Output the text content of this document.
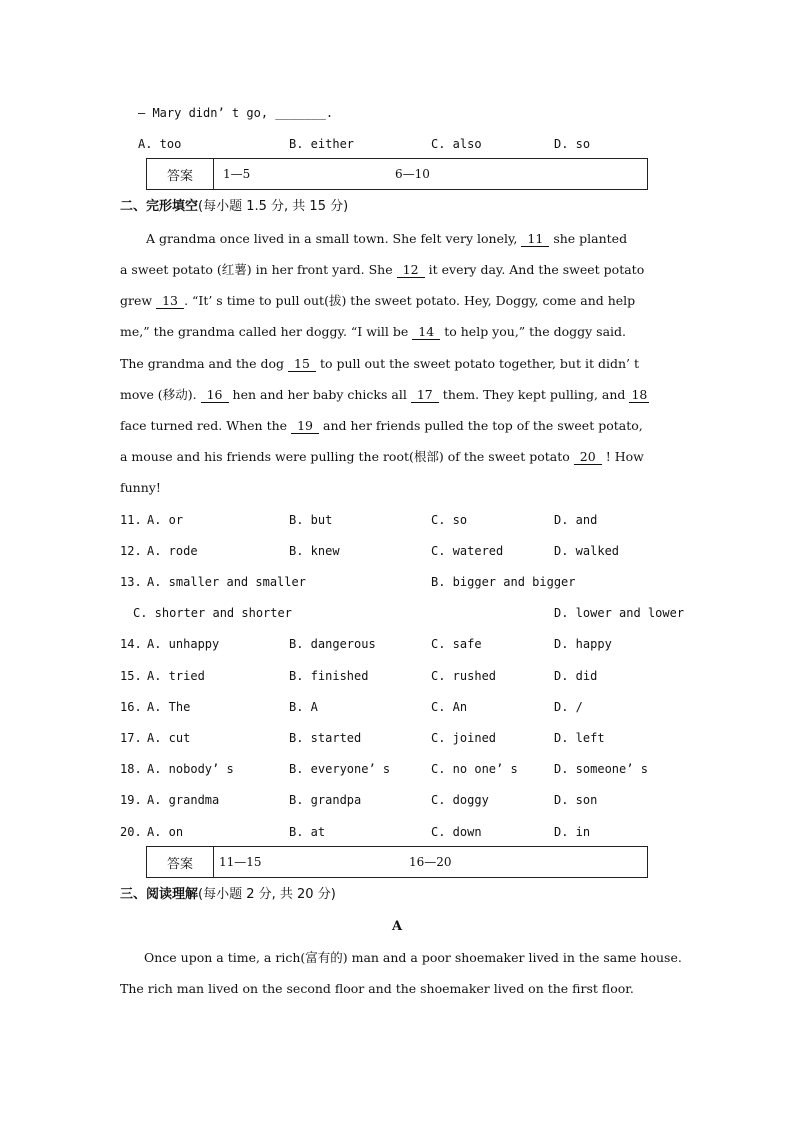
— Mary didn’ t go, _______.
A. too	B. either	C. also	D. so
答案	1—5	6—10
二、完形填空(每小题 1.5 分, 共 15 分)
A grandma once lived in a small town. She felt very lonely, 11 she planted
a sweet potato (红薯) in her front yard. She 12 it every day. And the sweet potato
grew 13 . “It’ s time to pull out(拔) the sweet potato. Hey, Doggy, come and help
me,” the grandma called her doggy. “I will be 14 to help you,” the doggy said.
The grandma and the dog 15 to pull out the sweet potato together, but it didn’ t
move (移动). 16 hen and her baby chicks all 17 them. They kept pulling, and 18
face turned red. When the 19 and her friends pulled the top of the sweet potato,
a mouse and his friends were pulling the root(根部) of the sweet potato 20 ! How
funny!
11. A. or	B. but	C. so	D. and
12. A. rode	B. knew	C. watered	D. walked
13. A. smaller and smaller	B. bigger and bigger
C. shorter and shorter	D. lower and lower
14. A. unhappy	B. dangerous	C. safe	D. happy
15. A. tried	B. finished	C. rushed	D. did
16. A. The	B. A	C. An	D. /
17. A. cut	B. started	C. joined	D. left
18. A. nobody’ s	B. everyone’ s	C. no one’ s	D. someone’ s
19. A. grandma	B. grandpa	C. doggy	D. son
20. A. on	B. at	C. down	D. in
答案	11—15	16—20
三、阅读理解(每小题 2 分, 共 20 分)
A
Once upon a time, a rich(富有的) man and a poor shoemaker lived in the same house.
The rich man lived on the second floor and the shoemaker lived on the first floor.
